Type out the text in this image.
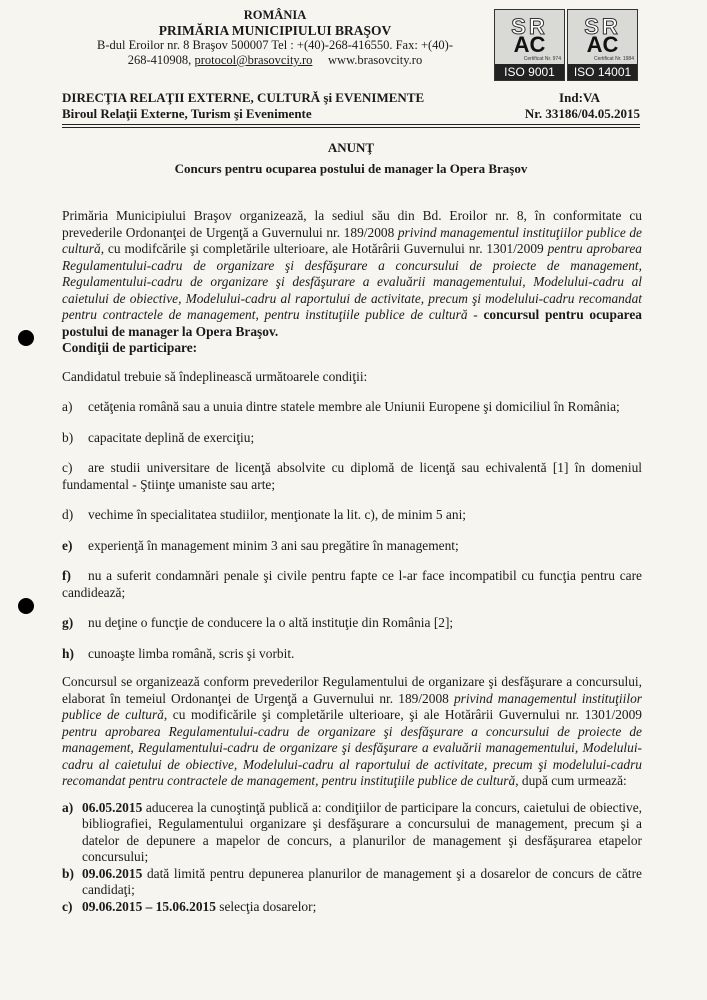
ROMÂNIA
PRIMĂRIA MUNICIPIULUI BRAŞOV
B-dul Eroilor nr. 8 Braşov 500007 Tel : +(40)-268-416550. Fax: +(40)-
268-410908, protocol@brasovcity.ro www.brasovcity.ro
SR
AC
Certificat Nr. 974
ISO 9001
SR
AC
Certificat Nr. 1984
ISO 14001
DIRECŢIA RELAŢII EXTERNE, CULTURĂ şi EVENIMENTE	Ind:VA
Biroul Relaţii Externe, Turism şi Evenimente	Nr. 33186/04.05.2015
ANUNŢ
Concurs pentru ocuparea postului de manager la Opera Braşov

Primăria Municipiului Braşov organizează, la sediul său din Bd. Eroilor nr. 8, în conformitate cu prevederile Ordonanţei de Urgenţă a Guvernului nr. 189/2008 privind managementul instituţiilor publice de cultură, cu modifcările şi completările ulterioare, ale Hotărârii Guvernului nr. 1301/2009 pentru aprobarea Regulamentului-cadru de organizare şi desfăşurare a concursului de proiecte de management, Regulamentului-cadru de organizare şi desfăşurare a evaluării managementului, Modelului-cadru al caietului de obiective, Modelului-cadru al raportului de activitate, precum şi modelului-cadru recomandat pentru contractele de management, pentru instituţiile publice de cultură - concursul pentru ocuparea postului de manager la Opera Braşov.

Condiţii de participare:

Candidatul trebuie să îndeplinească următoarele condiţii:

a) cetăţenia română sau a unuia dintre statele membre ale Uniunii Europene şi domiciliul în România;

b) capacitate deplină de exerciţiu;

c) are studii universitare de licenţă absolvite cu diplomă de licenţă sau echivalentă [1] în domeniul fundamental - Ştiinţe umaniste sau arte;

d) vechime în specialitatea studiilor, menţionate la lit. c), de minim 5 ani;

e) experienţă în management minim 3 ani sau pregătire în management;

f) nu a suferit condamnări penale şi civile pentru fapte ce l-ar face incompatibil cu funcţia pentru care candidează;

g) nu deţine o funcţie de conducere la o altă instituţie din România [2];

h) cunoaşte limba română, scris şi vorbit.

Concursul se organizează conform prevederilor Regulamentului de organizare şi desfăşurare a concursului, elaborat în temeiul Ordonanţei de Urgenţă a Guvernului nr. 189/2008 privind managementul instituţiilor publice de cultură, cu modificările şi completările ulterioare, şi ale Hotărârii Guvernului nr. 1301/2009 pentru aprobarea Regulamentului-cadru de organizare şi desfăşurare a concursului de proiecte de management, Regulamentului-cadru de organizare şi desfăşurare a evaluării managementului, Modelului-cadru al caietului de obiective, Modelului-cadru al raportului de activitate, precum şi modelului-cadru recomandat pentru contractele de management, pentru instituţiile publice de cultură, după cum urmează:

a) 06.05.2015 aducerea la cunoştinţă publică a: condiţiilor de participare la concurs, caietului de obiective, bibliografiei, Regulamentului organizare şi desfăşurare a concursului de management, precum şi a datelor de depunere a mapelor de concurs, a planurilor de management şi desfăşurarea etapelor concursului;
b) 09.06.2015 dată limită pentru depunerea planurilor de management şi a dosarelor de concurs de către candidaţi;
c) 09.06.2015 – 15.06.2015 selecţia dosarelor;
